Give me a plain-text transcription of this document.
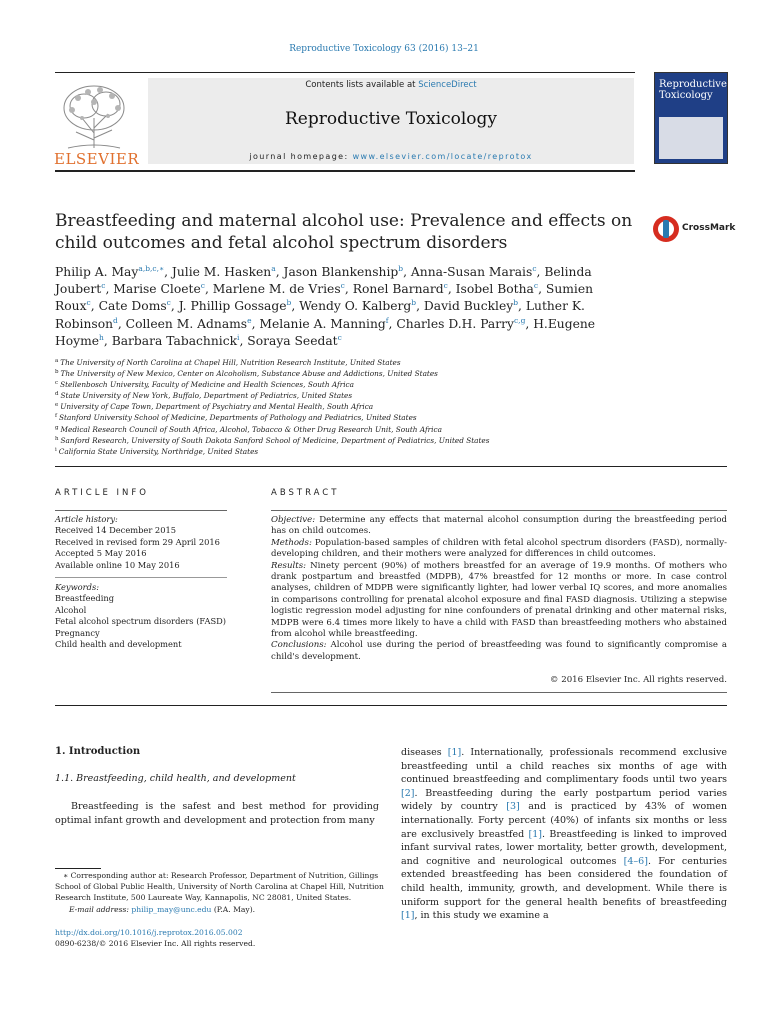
Reproductive Toxicology 63 (2016) 13–21
ELSEVIER
Contents lists available at ScienceDirect
Reproductive Toxicology
journal homepage: www.elsevier.com/locate/reprotox
Reproductive Toxicology
Breastfeeding and maternal alcohol use: Prevalence and effects on child outcomes and fetal alcohol spectrum disorders
CrossMark
Philip A. May$^{a,b,c,∗}$, Julie M. Hasken$^a$, Jason Blankenship$^b$, Anna-Susan Marais$^c$, Belinda Joubert$^c$, Marise Cloete$^c$, Marlene M. de Vries$^c$, Ronel Barnard$^c$, Isobel Botha$^c$, Sumien Roux$^c$, Cate Doms$^c$, J. Phillip Gossage$^b$, Wendy O. Kalberg$^b$, David Buckley$^b$, Luther K. Robinson$^d$, Colleen M. Adnams$^e$, Melanie A. Manning$^f$, Charles D.H. Parry$^{c,g}$, H.Eugene Hoyme$^h$, Barbara Tabachnick$^i$, Soraya Seedat$^c$
$^a$ The University of North Carolina at Chapel Hill, Nutrition Research Institute, United States
$^b$ The University of New Mexico, Center on Alcoholism, Substance Abuse and Addictions, United States
$^c$ Stellenbosch University, Faculty of Medicine and Health Sciences, South Africa
$^d$ State University of New York, Buffalo, Department of Pediatrics, United States
$^e$ University of Cape Town, Department of Psychiatry and Mental Health, South Africa
$^f$ Stanford University School of Medicine, Departments of Pathology and Pediatrics, United States
$^g$ Medical Research Council of South Africa, Alcohol, Tobacco & Other Drug Research Unit, South Africa
$^h$ Sanford Research, University of South Dakota Sanford School of Medicine, Department of Pediatrics, United States
$^i$ California State University, Northridge, United States
ARTICLE INFO
Article history:
Received 14 December 2015
Received in revised form 29 April 2016
Accepted 5 May 2016
Available online 10 May 2016
Keywords:
Breastfeeding
Alcohol
Fetal alcohol spectrum disorders (FASD)
Pregnancy
Child health and development
ABSTRACT

Objective: Determine any effects that maternal alcohol consumption during the breastfeeding period has on child outcomes.

Methods: Population-based samples of children with fetal alcohol spectrum disorders (FASD), normally-developing children, and their mothers were analyzed for differences in child outcomes.

Results: Ninety percent (90%) of mothers breastfed for an average of 19.9 months. Of mothers who drank postpartum and breastfed (MDPB), 47% breastfed for 12 months or more. In case control analyses, children of MDPB were significantly lighter, had lower verbal IQ scores, and more anomalies in comparisons controlling for prenatal alcohol exposure and final FASD diagnosis. Utilizing a stepwise logistic regression model adjusting for nine confounders of prenatal drinking and other maternal risks, MDPB were 6.4 times more likely to have a child with FASD than breastfeeding mothers who abstained from alcohol while breastfeeding.

Conclusions: Alcohol use during the period of breastfeeding was found to significantly compromise a child's development.

© 2016 Elsevier Inc. All rights reserved.
1. Introduction
1.1. Breastfeeding, child health, and development
Breastfeeding is the safest and best method for providing optimal infant growth and development and protection from many
∗ Corresponding author at: Research Professor, Department of Nutrition, Gillings School of Global Public Health, University of North Carolina at Chapel Hill, Nutrition Research Institute, 500 Laureate Way, Kannapolis, NC 28081, United States.
E-mail address: philip_may@unc.edu (P.A. May).
http://dx.doi.org/10.1016/j.reprotox.2016.05.002
0890-6238/© 2016 Elsevier Inc. All rights reserved.
diseases [1]. Internationally, professionals recommend exclusive breastfeeding until a child reaches six months of age with continued breastfeeding and complimentary foods until two years [2]. Breastfeeding during the early postpartum period varies widely by country [3] and is practiced by 43% of women internationally. Forty percent (40%) of infants six months or less are exclusively breastfed [1]. Breastfeeding is linked to improved infant survival rates, lower mortality, better growth, development, and cognitive and neurological outcomes [4–6]. For centuries extended breastfeeding has been considered the foundation of child health, immunity, growth, and development. While there is uniform support for the general health benefits of breastfeeding [1], in this study we examine a
